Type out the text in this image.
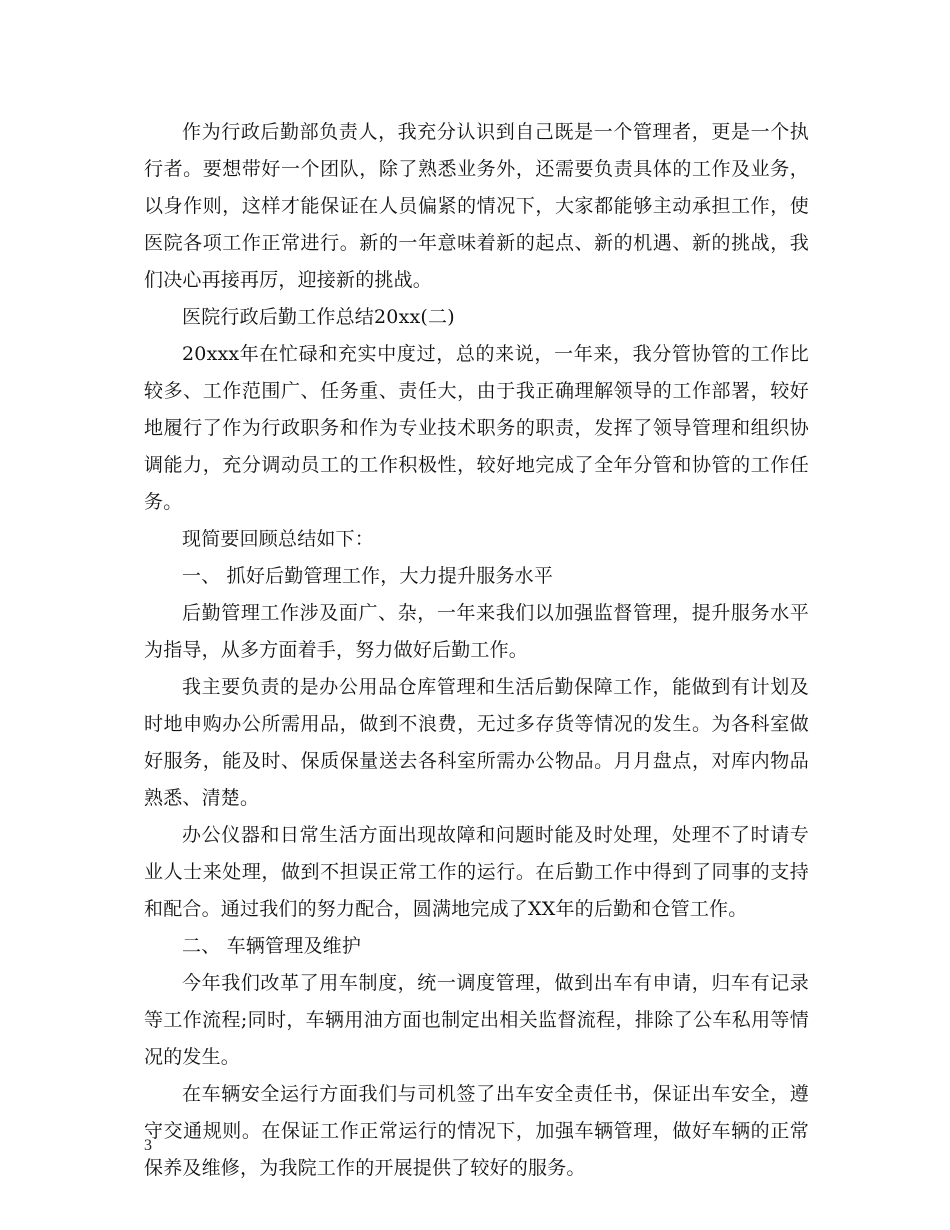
作为行政后勤部负责人，我充分认识到自己既是一个管理者，更是一个执行者。要想带好一个团队，除了熟悉业务外，还需要负责具体的工作及业务，以身作则，这样才能保证在人员偏紧的情况下，大家都能够主动承担工作，使医院各项工作正常进行。新的一年意味着新的起点、新的机遇、新的挑战，我们决心再接再厉，迎接新的挑战。

医院行政后勤工作总结20xx(二)

20xxx年在忙碌和充实中度过，总的来说，一年来，我分管协管的工作比较多、工作范围广、任务重、责任大，由于我正确理解领导的工作部署，较好地履行了作为行政职务和作为专业技术职务的职责，发挥了领导管理和组织协调能力，充分调动员工的工作积极性，较好地完成了全年分管和协管的工作任务。

现简要回顾总结如下：

一、 抓好后勤管理工作，大力提升服务水平

后勤管理工作涉及面广、杂，一年来我们以加强监督管理，提升服务水平为指导，从多方面着手，努力做好后勤工作。

我主要负责的是办公用品仓库管理和生活后勤保障工作，能做到有计划及时地申购办公所需用品，做到不浪费，无过多存货等情况的发生。为各科室做好服务，能及时、保质保量送去各科室所需办公物品。月月盘点，对库内物品熟悉、清楚。

办公仪器和日常生活方面出现故障和问题时能及时处理，处理不了时请专业人士来处理，做到不担误正常工作的运行。在后勤工作中得到了同事的支持和配合。通过我们的努力配合，圆满地完成了XX年的后勤和仓管工作。

二、 车辆管理及维护

今年我们改革了用车制度，统一调度管理，做到出车有申请，归车有记录等工作流程;同时，车辆用油方面也制定出相关监督流程，排除了公车私用等情况的发生。

在车辆安全运行方面我们与司机签了出车安全责任书，保证出车安全，遵守交通规则。在保证工作正常运行的情况下，加强车辆管理，做好车辆的正常保养及维修，为我院工作的开展提供了较好的服务。

3
